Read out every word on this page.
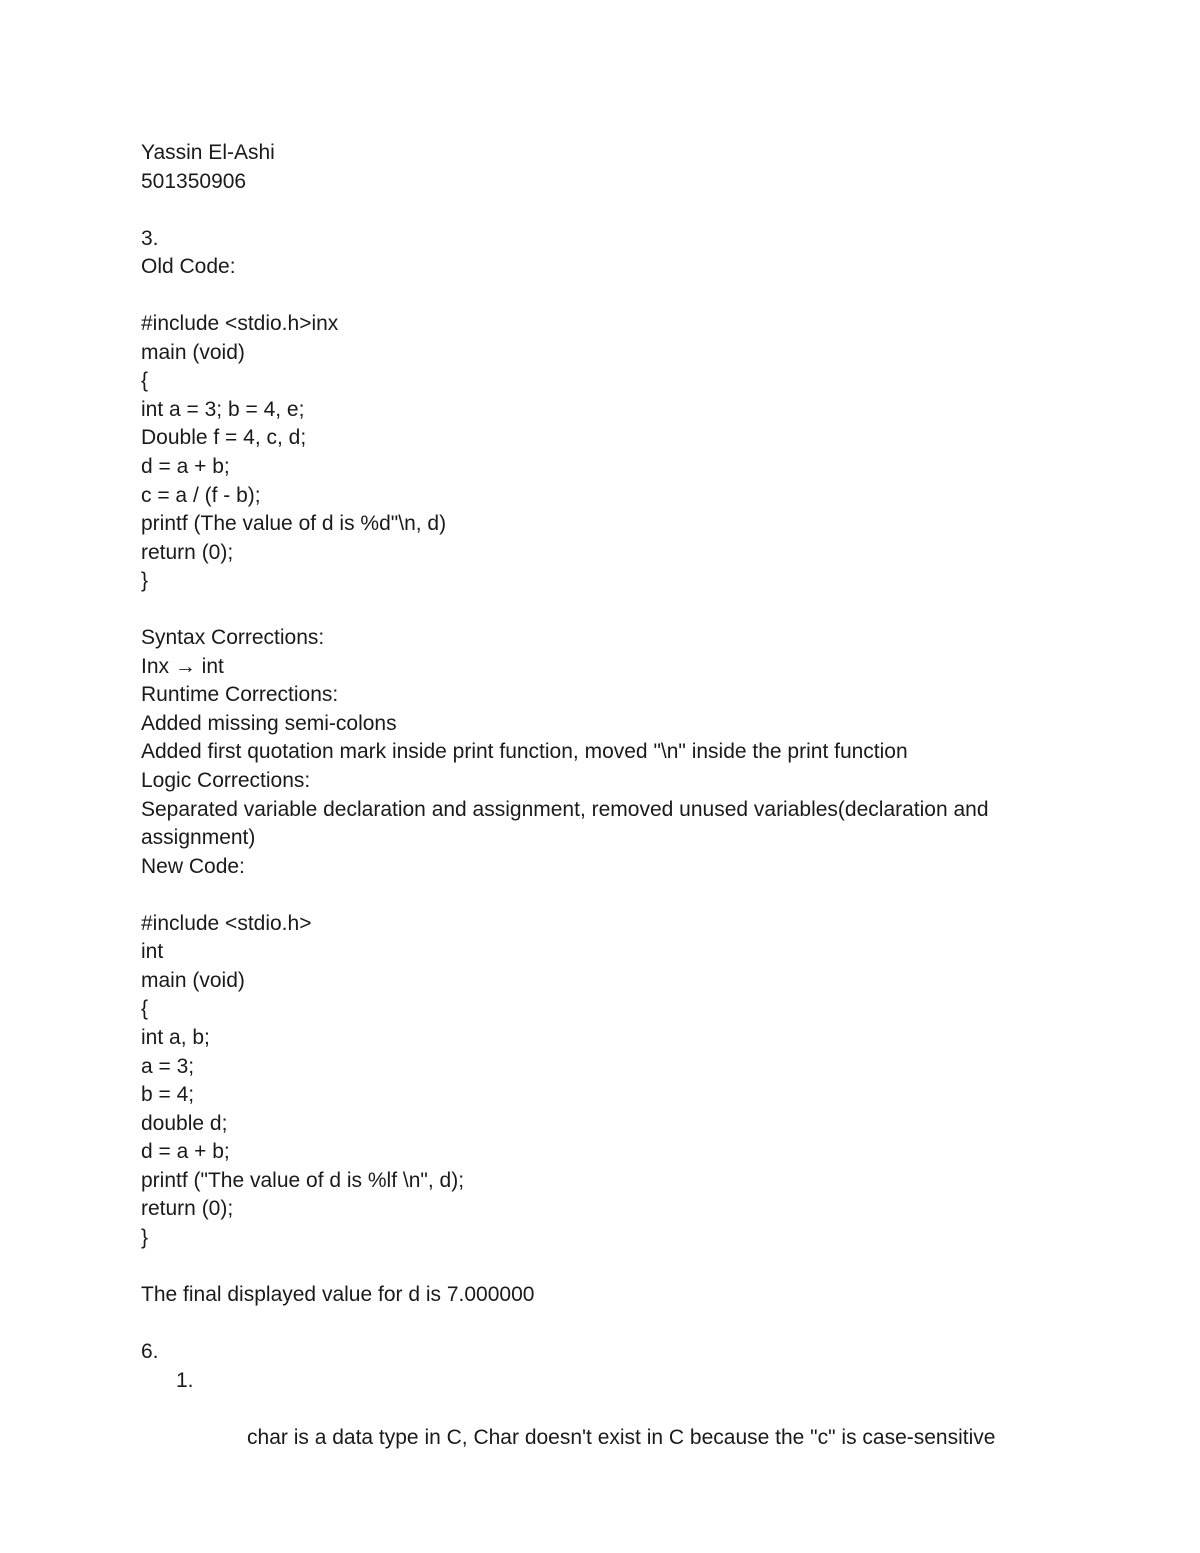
Yassin El-Ashi
501350906
3.
Old Code:
#include <stdio.h>inx
main (void)
{
int a = 3; b = 4, e;
Double f = 4, c, d;
d = a + b;
c = a / (f - b);
printf (The value of d is %d"\n, d)
return (0);
}
Syntax Corrections:
Inx → int
Runtime Corrections:
Added missing semi-colons
Added first quotation mark inside print function, moved "\n" inside the print function
Logic Corrections:
Separated variable declaration and assignment, removed unused variables(declaration and assignment)
New Code:
#include <stdio.h>
int
main (void)
{
int a, b;
a = 3;
b = 4;
double d;
d = a + b;
printf ("The value of d is %lf \n", d);
return (0);
}
The final displayed value for d is 7.000000
6.

1.

char is a data type in C, Char doesn't exist in C because the "c" is case-sensitive
